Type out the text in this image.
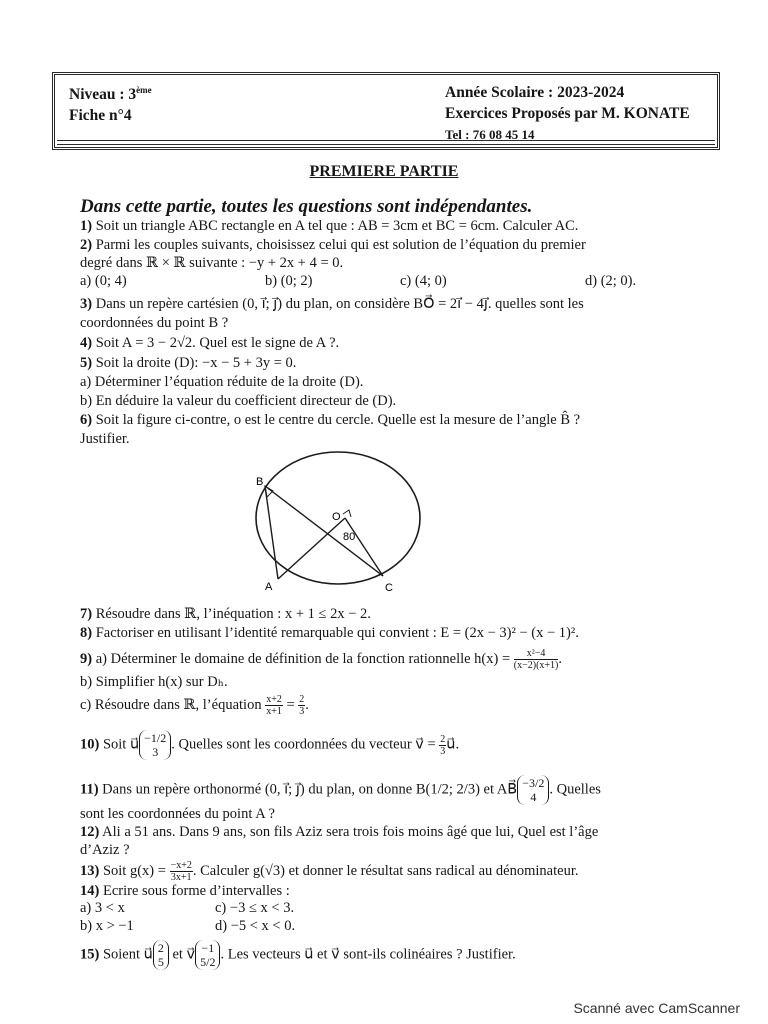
Niveau : 3ème
Fiche n°4
Année Scolaire : 2023-2024
Exercices Proposés par M. KONATE
Tel : 76 08 45 14
PREMIERE PARTIE
Dans cette partie, toutes les questions sont indépendantes.
1) Soit un triangle ABC rectangle en A tel que : AB = 3cm et BC = 6cm. Calculer AC.
2) Parmi les couples suivants, choisissez celui qui est solution de l’équation du premier
degré dans ℝ × ℝ suivante : −y + 2x + 4 = 0.
a) (0; 4)	b) (0; 2)	c) (4; 0)	d) (2; 0).
3) Dans un repère cartésien (0, i⃗; j⃗) du plan, on considère BO⃗ = 2i⃗ − 4j⃗. quelles sont les
coordonnées du point B ?
4) Soit A = 3 − 2√2. Quel est le signe de A ?.
5) Soit la droite (D): −x − 5 + 3y = 0.
a) Déterminer l’équation réduite de la droite (D).
b) En déduire la valeur du coefficient directeur de (D).
6) Soit la figure ci-contre, o est le centre du cercle. Quelle est la mesure de l’angle B̂ ?
Justifier.
B
A	C
O
80
7) Résoudre dans ℝ, l’inéquation : x + 1 ≤ 2x − 2.
8) Factoriser en utilisant l’identité remarquable qui convient : E = (2x − 3)² − (x − 1)².
9) a) Déterminer le domaine de définition de la fonction rationnelle $h(x) = \frac{\text{x²−4}}{(x-2)(x+1)}$ .
b) Simplifier h(x) sur Dₕ.
c) Résoudre dans ℝ, l’équation $\frac{x+2}{x+1} = \frac{2}{3}$ .
10) Soit u⃗ −1/2
3 . Quelles sont les coordonnées du vecteur v⃗ = $\frac{2}{3}$ u⃗.
11) Dans un repère orthonormé (0, i⃗; j⃗) du plan, on donne B(1/2; 2/3) et AB⃗ −3/2
4 . Quelles
sont les coordonnées du point A ?
12) Ali a 51 ans. Dans 9 ans, son fils Aziz sera trois fois moins âgé que lui, Quel est l’âge
d’Aziz ?
13) Soit $g(x) = \frac{-x+2}{3x+1}$ . Calculer g(√3) et donner le résultat sans radical au dénominateur.
14) Ecrire sous forme d’intervalles :
a) 3 < x	c) −3 ≤ x < 3.
b) x > −1	d) −5 < x < 0.
15) Soient u⃗ 2
5 et v⃗ −1
5/2 . Les vecteurs u⃗ et v⃗ sont-ils colinéaires ? Justifier.
Scanné avec CamScanner
